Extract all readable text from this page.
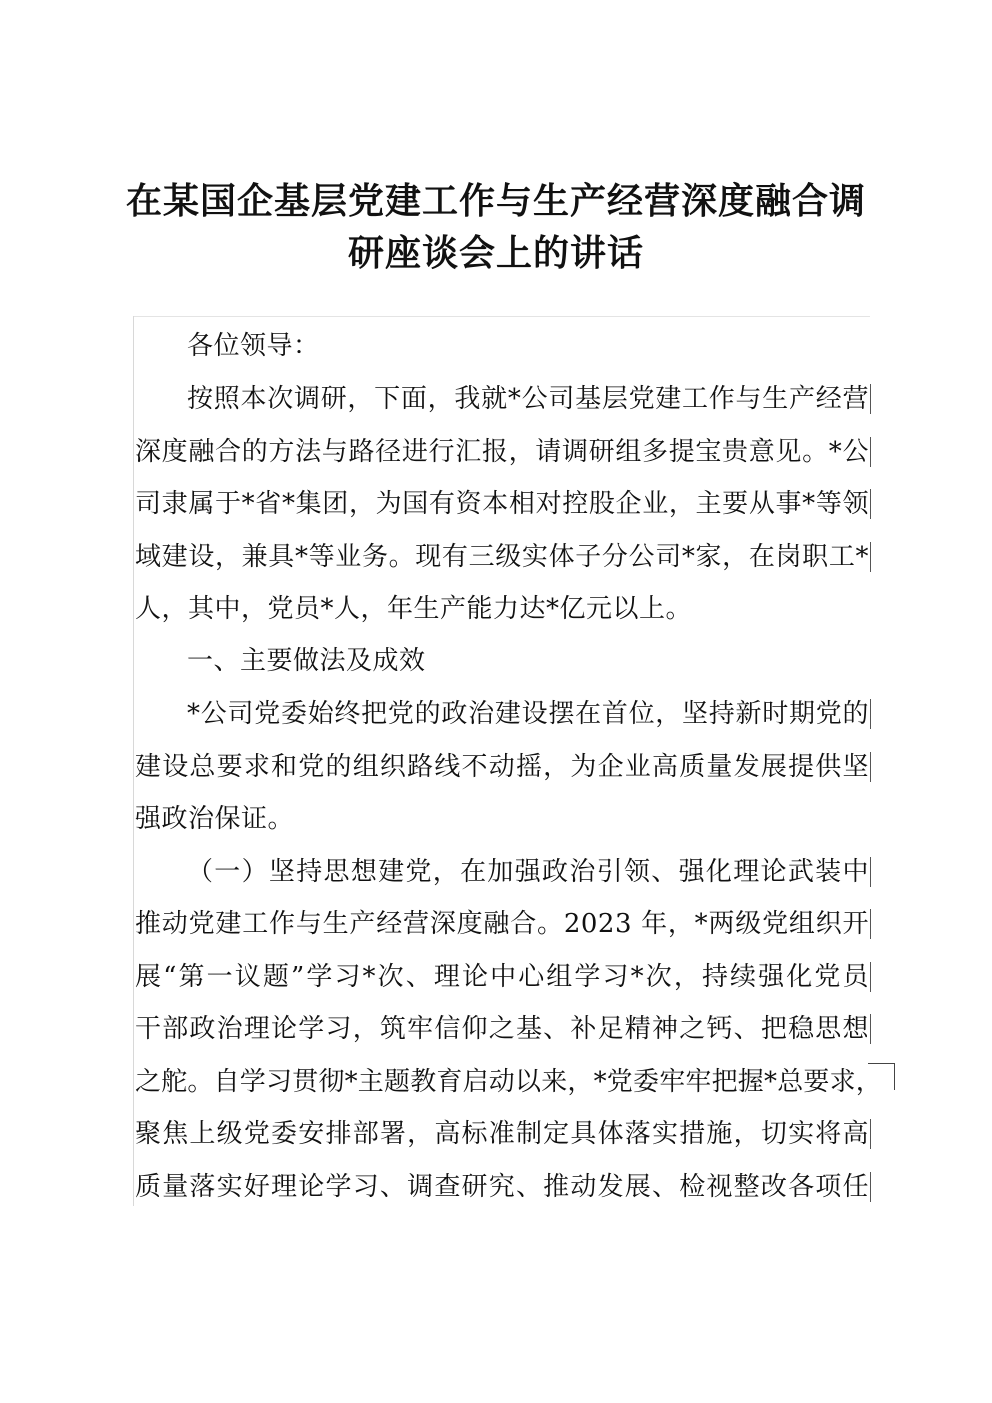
在某国企基层党建工作与生产经营深度融合调
研座谈会上的讲话
各位领导：
按照本次调研，下面，我就*公司基层党建工作与生产经营
深度融合的方法与路径进行汇报，请调研组多提宝贵意见。*公
司隶属于*省*集团，为国有资本相对控股企业，主要从事*等领
域建设，兼具*等业务。现有三级实体子分公司*家，在岗职工*
人，其中，党员*人，年生产能力达*亿元以上。
一、主要做法及成效
*公司党委始终把党的政治建设摆在首位，坚持新时期党的
建设总要求和党的组织路线不动摇，为企业高质量发展提供坚
强政治保证。
（一）坚持思想建党，在加强政治引领、强化理论武装中
推动党建工作与生产经营深度融合。2023 年，*两级党组织开
展“第一议题”学习*次、理论中心组学习*次，持续强化党员
干部政治理论学习，筑牢信仰之基、补足精神之钙、把稳思想
之舵。自学习贯彻*主题教育启动以来，*党委牢牢把握*总要求，
聚焦上级党委安排部署，高标准制定具体落实措施，切实将高
质量落实好理论学习、调查研究、推动发展、检视整改各项任
